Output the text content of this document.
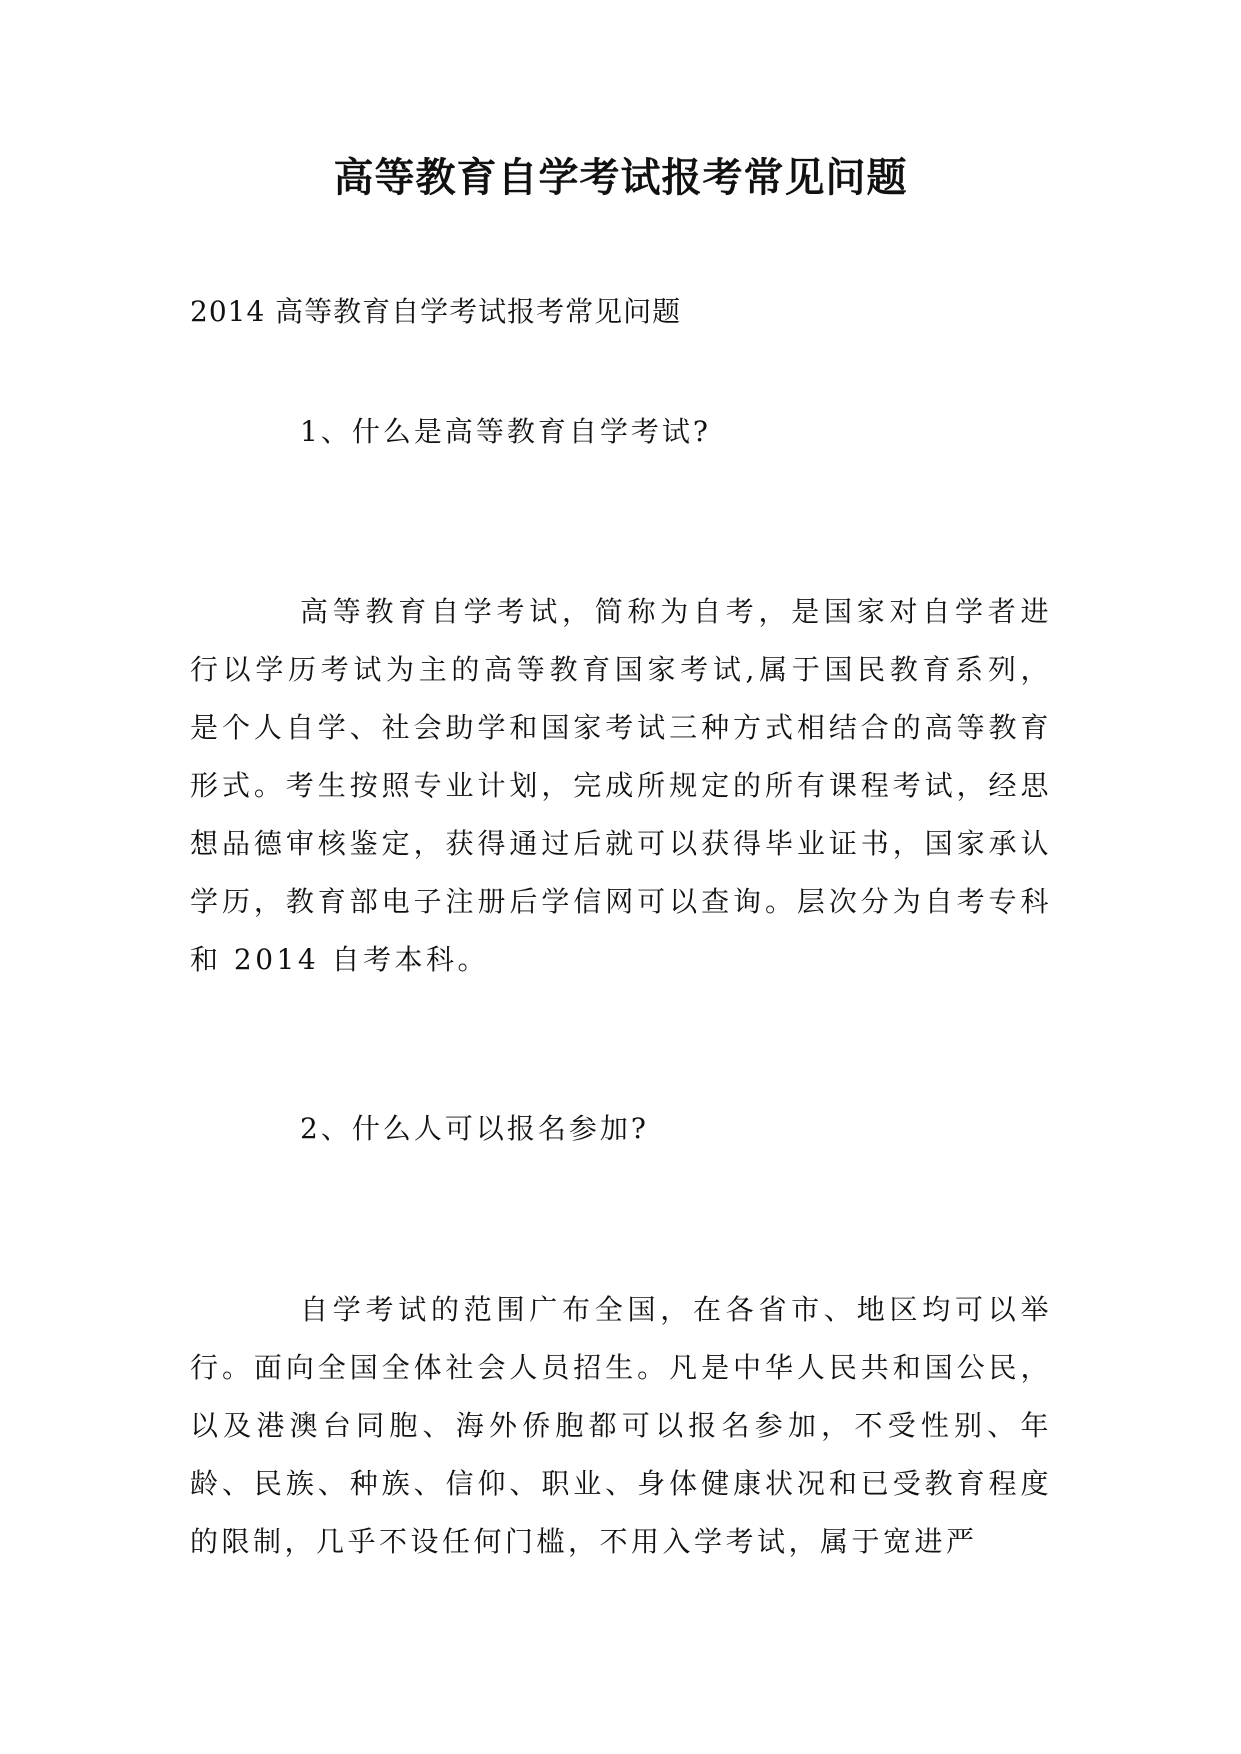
高等教育自学考试报考常见问题

2014 高等教育自学考试报考常见问题

1、什么是高等教育自学考试?

高等教育自学考试，简称为自考，是国家对自学者进行以学历考试为主的高等教育国家考试,属于国民教育系列，是个人自学、社会助学和国家考试三种方式相结合的高等教育形式。考生按照专业计划，完成所规定的所有课程考试，经思想品德审核鉴定，获得通过后就可以获得毕业证书，国家承认学历，教育部电子注册后学信网可以查询。层次分为自考专科和 2014 自考本科。

2、什么人可以报名参加?

自学考试的范围广布全国，在各省市、地区均可以举行。面向全国全体社会人员招生。凡是中华人民共和国公民，以及港澳台同胞、海外侨胞都可以报名参加，不受性别、年龄、民族、种族、信仰、职业、身体健康状况和已受教育程度的限制，几乎不设任何门槛，不用入学考试，属于宽进严
